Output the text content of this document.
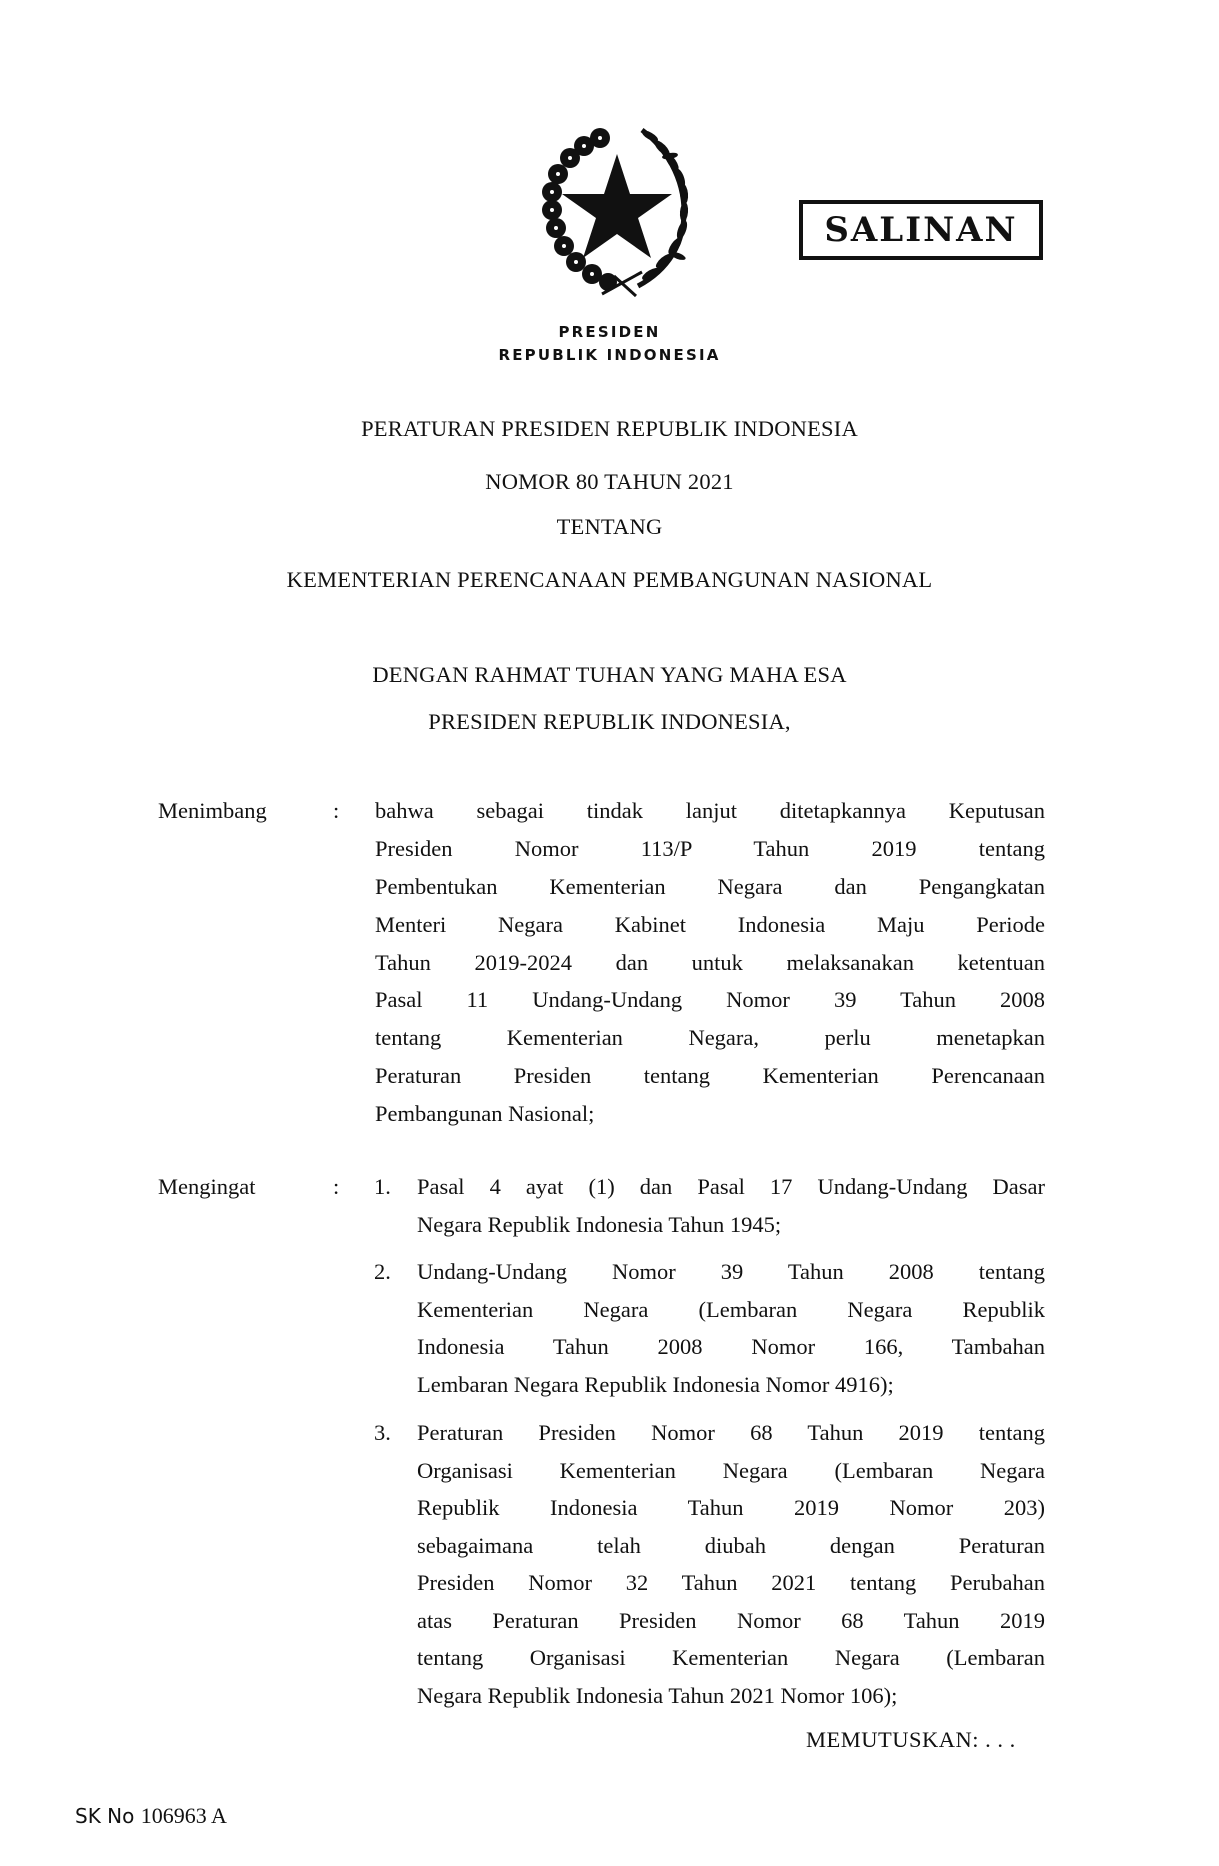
SALINAN
PRESIDEN
REPUBLIK INDONESIA
PERATURAN PRESIDEN REPUBLIK INDONESIA
NOMOR 80 TAHUN 2021
TENTANG
KEMENTERIAN PERENCANAAN PEMBANGUNAN NASIONAL
DENGAN RAHMAT TUHAN YANG MAHA ESA
PRESIDEN REPUBLIK INDONESIA,
Menimbang	: bahwa sebagai tindak lanjut ditetapkannya Keputusan
Presiden Nomor 113/P Tahun 2019 tentang
Pembentukan Kementerian Negara dan Pengangkatan
Menteri Negara Kabinet Indonesia Maju Periode
Tahun 2019-2024 dan untuk melaksanakan ketentuan
Pasal 11 Undang-Undang Nomor 39 Tahun 2008
tentang Kementerian Negara, perlu menetapkan
Peraturan Presiden tentang Kementerian Perencanaan
Pembangunan Nasional;
Mengingat	: 1. Pasal 4 ayat (1) dan Pasal 17 Undang-Undang Dasar
Negara Republik Indonesia Tahun 1945;
2. Undang-Undang Nomor 39 Tahun 2008 tentang
Kementerian Negara (Lembaran Negara Republik
Indonesia Tahun 2008 Nomor 166, Tambahan
Lembaran Negara Republik Indonesia Nomor 4916);
3. Peraturan Presiden Nomor 68 Tahun 2019 tentang
Organisasi Kementerian Negara (Lembaran Negara
Republik Indonesia Tahun 2019 Nomor 203)
sebagaimana telah diubah dengan Peraturan
Presiden Nomor 32 Tahun 2021 tentang Perubahan
atas Peraturan Presiden Nomor 68 Tahun 2019
tentang Organisasi Kementerian Negara (Lembaran
Negara Republik Indonesia Tahun 2021 Nomor 106);
MEMUTUSKAN: . . .
SK No 106963 A
